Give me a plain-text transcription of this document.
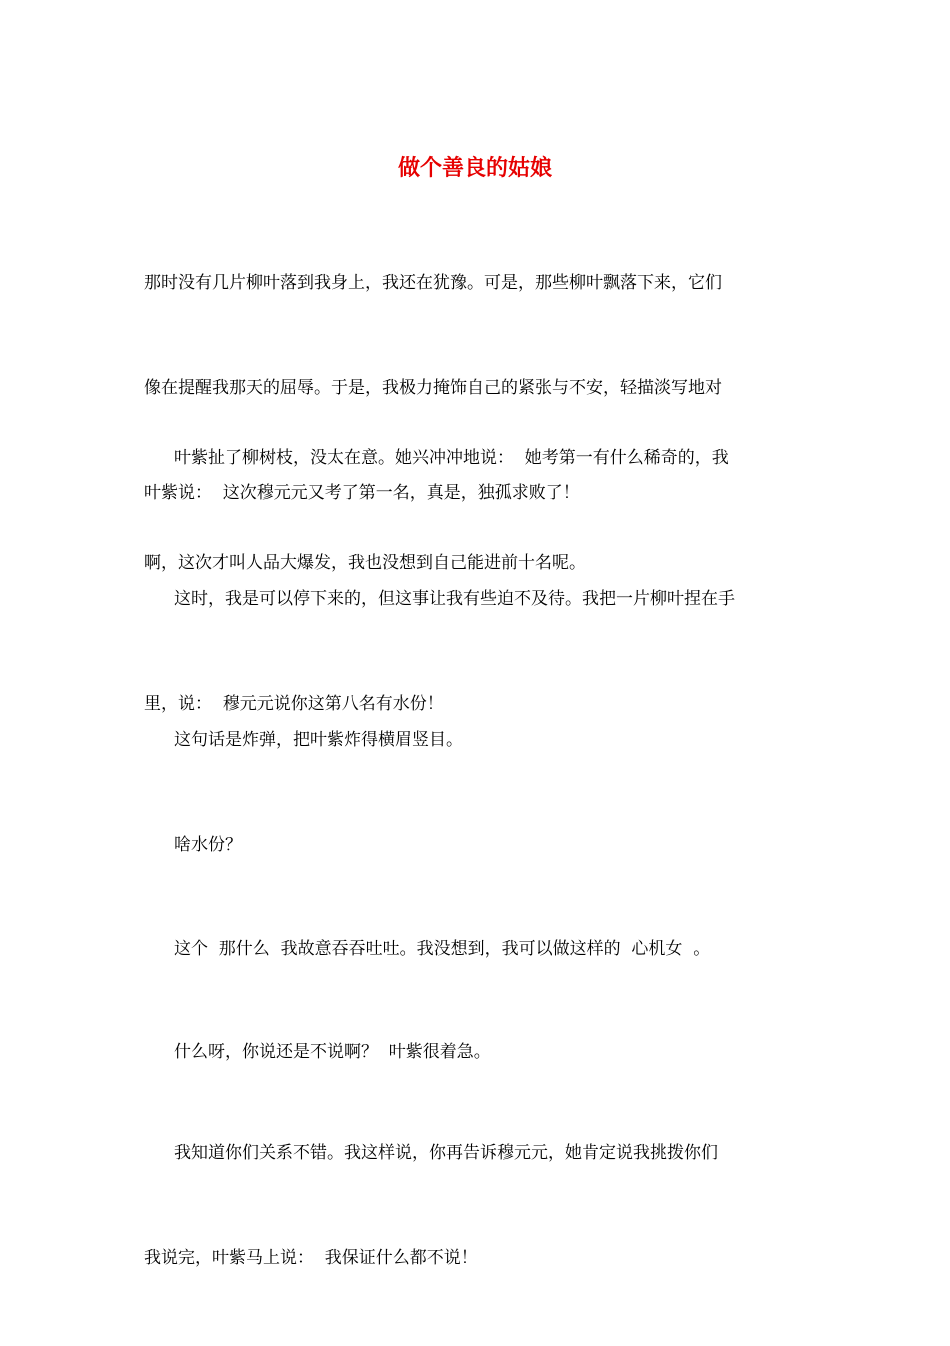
做个善良的姑娘

那时没有几片柳叶落到我身上，我还在犹豫。可是，那些柳叶飘落下来，它们

像在提醒我那天的屈辱。于是，我极力掩饰自己的紧张与不安，轻描淡写地对

叶紫说：  这次穆元元又考了第一名，真是，独孤求败了！

叶紫扯了柳树枝，没太在意。她兴冲冲地说：  她考第一有什么稀奇的，我

啊，这次才叫人品大爆发，我也没想到自己能进前十名呢。

这时，我是可以停下来的，但这事让我有些迫不及待。我把一片柳叶捏在手

里，说：  穆元元说你这第八名有水份！

这句话是炸弹，把叶紫炸得横眉竖目。

啥水份？

这个  那什么  我故意吞吞吐吐。我没想到，我可以做这样的  心机女  。

什么呀，你说还是不说啊？  叶紫很着急。

我知道你们关系不错。我这样说，你再告诉穆元元，她肯定说我挑拨你们

我说完，叶紫马上说：  我保证什么都不说！
